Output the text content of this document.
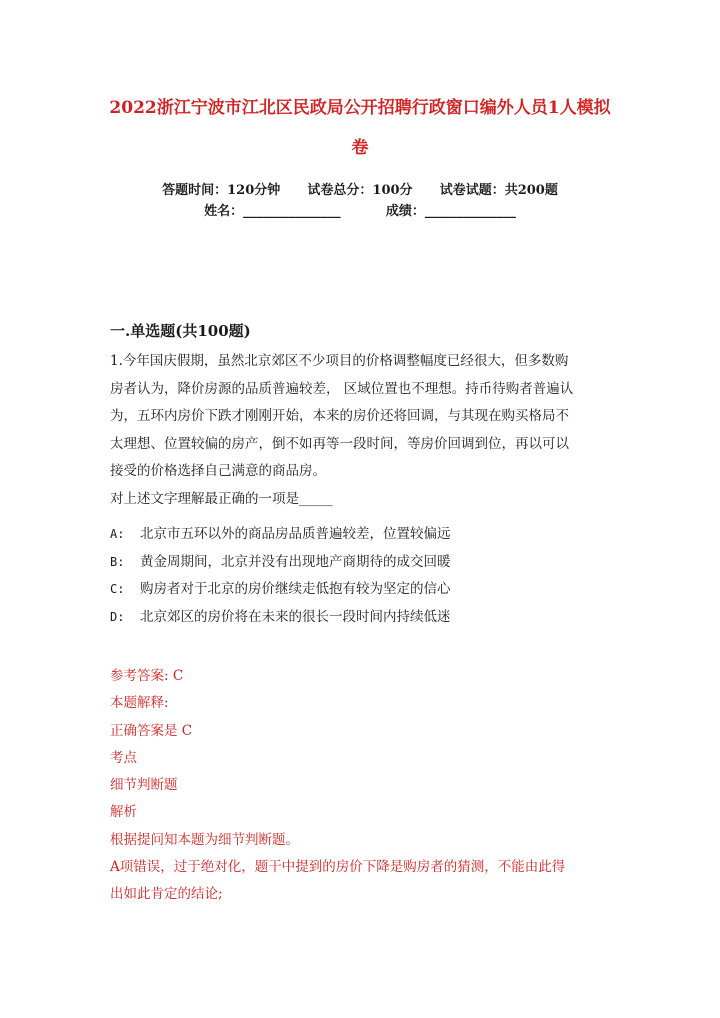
2022浙江宁波市江北区民政局公开招聘行政窗口编外人员1人模拟
卷
答题时间：120分钟 试卷总分：100分 试卷试题：共200题
姓名：_______________	成绩：______________
一.单选题(共100题)

1.今年国庆假期，虽然北京郊区不少项目的价格调整幅度已经很大，但多数购

房者认为，降价房源的品质普遍较差， 区域位置也不理想。持币待购者普遍认

为，五环内房价下跌才刚刚开始，本来的房价还将回调，与其现在购买格局不

太理想、位置较偏的房产，倒不如再等一段时间，等房价回调到位，再以可以

接受的价格选择自己满意的商品房。

对上述文字理解最正确的一项是_____

A:	北京市五环以外的商品房品质普遍较差，位置较偏远
B:	黄金周期间，北京并没有出现地产商期待的成交回暖
C:	购房者对于北京的房价继续走低抱有较为坚定的信心
D:	北京郊区的房价将在未来的很长一段时间内持续低迷
参考答案: C
本题解释:
正确答案是 C
考点
细节判断题
解析
根据提问知本题为细节判断题。
A项错误，过于绝对化，题干中提到的房价下降是购房者的猜测，不能由此得
出如此肯定的结论;
